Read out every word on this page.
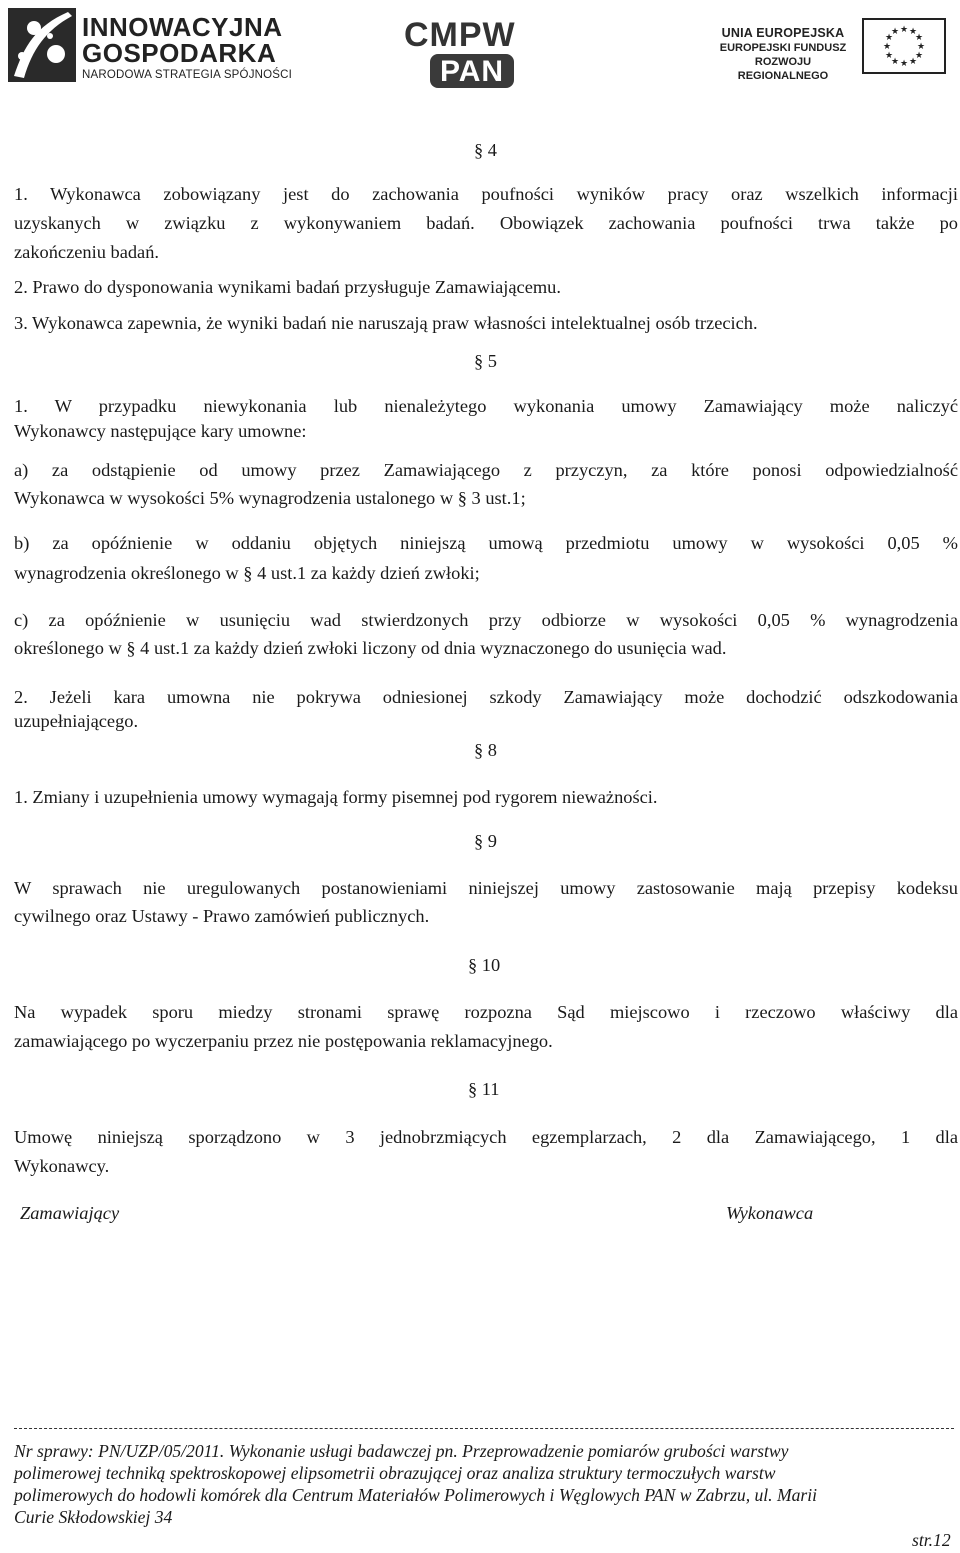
INNOWACYJNA
GOSPODARKA
NARODOWA STRATEGIA SPÓJNOŚCI
CMPW
PAN
UNIA EUROPEJSKA
EUROPEJSKI FUNDUSZ
ROZWOJU REGIONALNEGO
★ ★
★
★
★
★
★
★
★
★
★
★
§ 4
1. Wykonawca zobowiązany jest do zachowania poufności wyników pracy oraz wszelkich informacji
uzyskanych w związku z wykonywaniem badań. Obowiązek zachowania poufności trwa także po
zakończeniu badań.
2. Prawo do dysponowania wynikami badań przysługuje Zamawiającemu.
3. Wykonawca zapewnia, że wyniki badań nie naruszają praw własności intelektualnej osób trzecich.
§ 5
1. W przypadku niewykonania lub nienależytego wykonania umowy Zamawiający może naliczyć
Wykonawcy następujące kary umowne:
a) za odstąpienie od umowy przez Zamawiającego z przyczyn, za które ponosi odpowiedzialność
Wykonawca w wysokości 5% wynagrodzenia ustalonego w § 3 ust.1;
b) za opóźnienie w oddaniu objętych niniejszą umową przedmiotu umowy w wysokości 0,05 %
wynagrodzenia określonego w § 4 ust.1 za każdy dzień zwłoki;
c) za opóźnienie w usunięciu wad stwierdzonych przy odbiorze w wysokości 0,05 % wynagrodzenia
określonego w § 4 ust.1 za każdy dzień zwłoki liczony od dnia wyznaczonego do usunięcia wad.
2. Jeżeli kara umowna nie pokrywa odniesionej szkody Zamawiający może dochodzić odszkodowania
uzupełniającego.
§ 8
1. Zmiany i uzupełnienia umowy wymagają formy pisemnej pod rygorem nieważności.
§ 9
W sprawach nie uregulowanych postanowieniami niniejszej umowy zastosowanie mają przepisy kodeksu
cywilnego oraz Ustawy - Prawo zamówień publicznych.
§ 10
Na wypadek sporu miedzy stronami sprawę rozpozna Sąd miejscowo i rzeczowo właściwy dla
zamawiającego po wyczerpaniu przez nie postępowania reklamacyjnego.
§ 11
Umowę niniejszą sporządzono w 3 jednobrzmiących egzemplarzach, 2 dla Zamawiającego, 1 dla
Wykonawcy.
Zamawiający	Wykonawca
Nr sprawy: PN/UZP/05/2011. Wykonanie usługi badawczej pn. Przeprowadzenie pomiarów grubości warstwy
polimerowej techniką spektroskopowej elipsometrii obrazującej oraz analiza struktury termoczułych warstw
polimerowych do hodowli komórek dla Centrum Materiałów Polimerowych i Węglowych PAN w Zabrzu, ul. Marii
Curie Skłodowskiej 34
str.12
